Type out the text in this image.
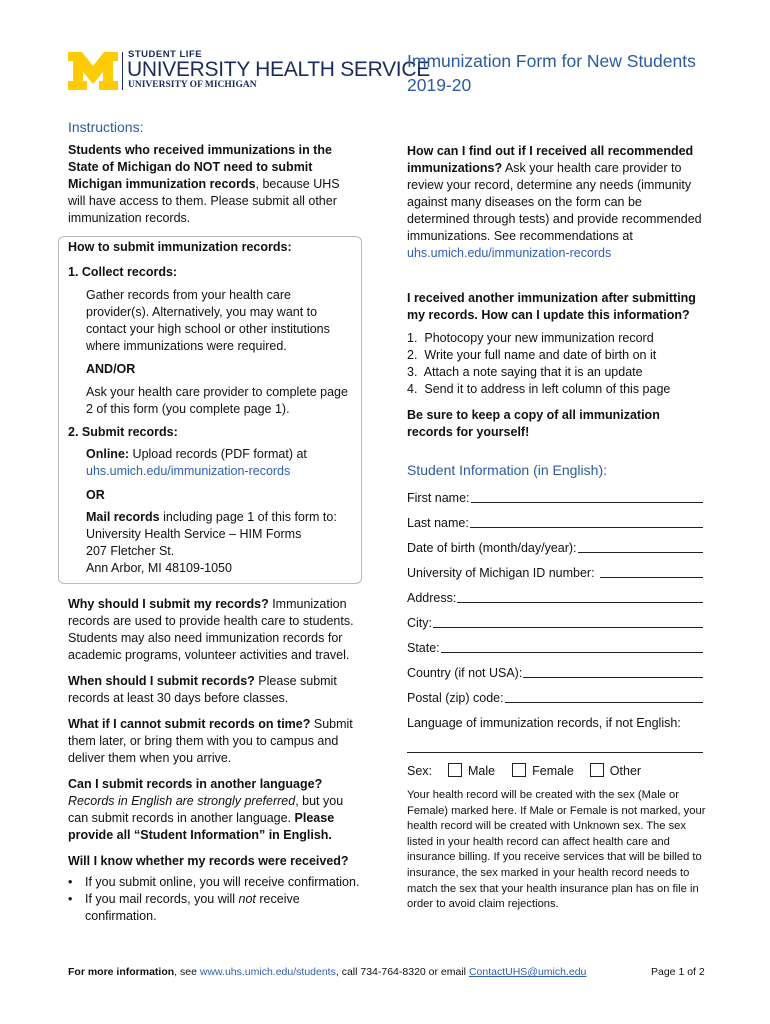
STUDENT LIFE
UNIVERSITY HEALTH SERVICE
UNIVERSITY OF MICHIGAN
Immunization Form for New Students
2019-20
Instructions:
Students who received immunizations in the State of Michigan do NOT need to submit Michigan immunization records, because UHS will have access to them. Please submit all other immunization records.
How to submit immunization records:
1. Collect records:
Gather records from your health care provider(s). Alternatively, you may want to contact your high school or other institutions where immunizations were required.
AND/OR
Ask your health care provider to complete page 2 of this form (you complete page 1).
2. Submit records:
Online: Upload records (PDF format) at
uhs.umich.edu/immunization-records
OR
Mail records including page 1 of this form to:
University Health Service – HIM Forms
207 Fletcher St.
Ann Arbor, MI 48109-1050
Why should I submit my records? Immunization records are used to provide health care to students. Students may also need immunization records for academic programs, volunteer activities and travel.
When should I submit records? Please submit records at least 30 days before classes.
What if I cannot submit records on time? Submit them later, or bring them with you to campus and deliver them when you arrive.
Can I submit records in another language? Records in English are strongly preferred, but you can submit records in another language. Please provide all “Student Information” in English.
Will I know whether my records were received?
•	If you submit online, you will receive confirmation.
•	If you mail records, you will not receive confirmation.
How can I find out if I received all recommended immunizations? Ask your health care provider to review your record, determine any needs (immunity against many diseases on the form can be determined through tests) and provide recommended immunizations. See recommendations at
uhs.umich.edu/immunization-records
I received another immunization after submitting my records. How can I update this information?
1.  Photocopy your new immunization record
2.  Write your full name and date of birth on it
3.  Attach a note saying that it is an update
4.  Send it to address in left column of this page
Be sure to keep a copy of all immunization records for yourself!
Student Information (in English):
First name:
Last name:
Date of birth (month/day/year):
University of Michigan ID number:
Address:
City:
State:
Country (if not USA):
Postal (zip) code:
Language of immunization records, if not English:
Sex:	Male	Female	Other
Your health record will be created with the sex (Male or Female) marked here. If Male or Female is not marked, your health record will be created with Unknown sex. The sex listed in your health record can affect health care and insurance billing. If you receive services that will be billed to insurance, the sex marked in your health record needs to match the sex that your health insurance plan has on file in order to avoid claim rejections.
For more information, see www.uhs.umich.edu/students, call 734-764-8320 or email ContactUHS@umich.edu	Page 1 of 2
